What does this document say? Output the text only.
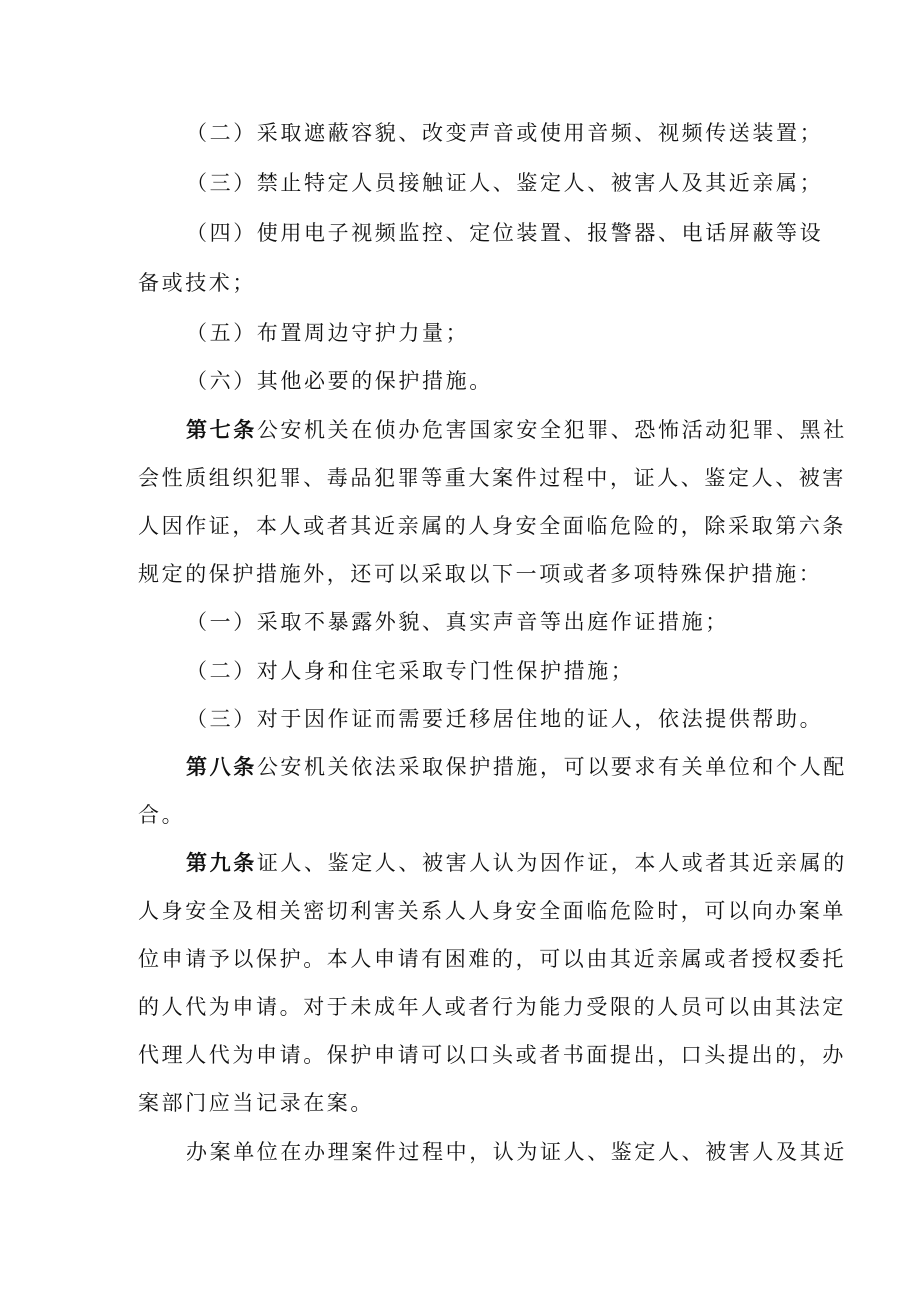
（二）采取遮蔽容貌、改变声音或使用音频、视频传送装置；
（三）禁止特定人员接触证人、鉴定人、被害人及其近亲属；
（四）使用电子视频监控、定位装置、报警器、电话屏蔽等设
备或技术；
（五）布置周边守护力量；
（六）其他必要的保护措施。
第七条公安机关在侦办危害国家安全犯罪、恐怖活动犯罪、黑社
会性质组织犯罪、毒品犯罪等重大案件过程中，证人、鉴定人、被害
人因作证，本人或者其近亲属的人身安全面临危险的，除采取第六条
规定的保护措施外，还可以采取以下一项或者多项特殊保护措施：
（一）采取不暴露外貌、真实声音等出庭作证措施；
（二）对人身和住宅采取专门性保护措施；
（三）对于因作证而需要迁移居住地的证人，依法提供帮助。
第八条公安机关依法采取保护措施，可以要求有关单位和个人配
合。
第九条证人、鉴定人、被害人认为因作证，本人或者其近亲属的
人身安全及相关密切利害关系人人身安全面临危险时，可以向办案单
位申请予以保护。本人申请有困难的，可以由其近亲属或者授权委托
的人代为申请。对于未成年人或者行为能力受限的人员可以由其法定
代理人代为申请。保护申请可以口头或者书面提出，口头提出的，办
案部门应当记录在案。
办案单位在办理案件过程中，认为证人、鉴定人、被害人及其近
